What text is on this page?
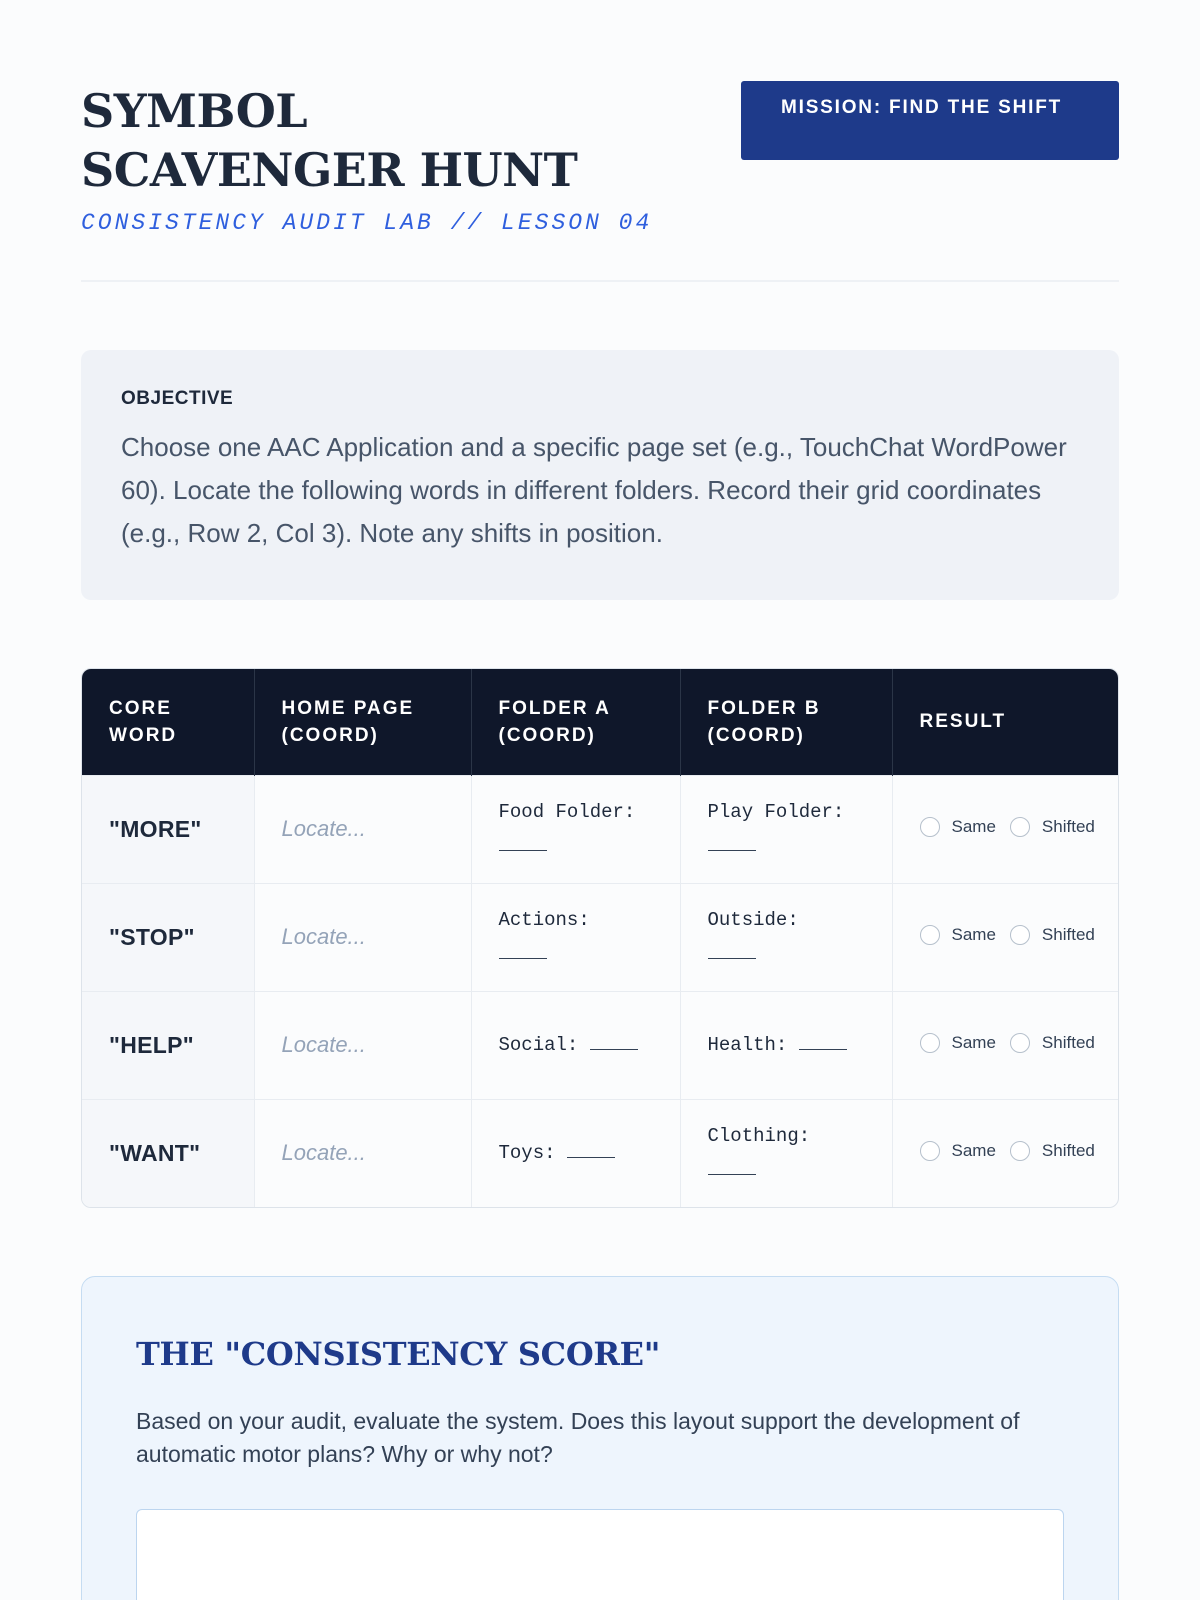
SYMBOL SCAVENGER HUNT
CONSISTENCY AUDIT LAB // LESSON 04
MISSION: FIND THE SHIFT
OBJECTIVE

Choose one AAC Application and a specific page set (e.g., TouchChat WordPower 60). Locate the following words in different folders. Record their grid coordinates (e.g., Row 2, Col 3). Note any shifts in position.

CORE WORD	HOME PAGE (COORD)	FOLDER A (COORD)	FOLDER B (COORD)	RESULT
"MORE"	Locate...	Food Folder:	Play Folder:	Same Shifted

"STOP"	Locate...	Actions:	Outside:	Same Shifted

"HELP"	Locate...	Social:	Health:	Same Shifted

"WANT"	Locate...	Toys:	Clothing:	Same Shifted
THE "CONSISTENCY SCORE"

Based on your audit, evaluate the system. Does this layout support the development of automatic motor plans? Why or why not?
